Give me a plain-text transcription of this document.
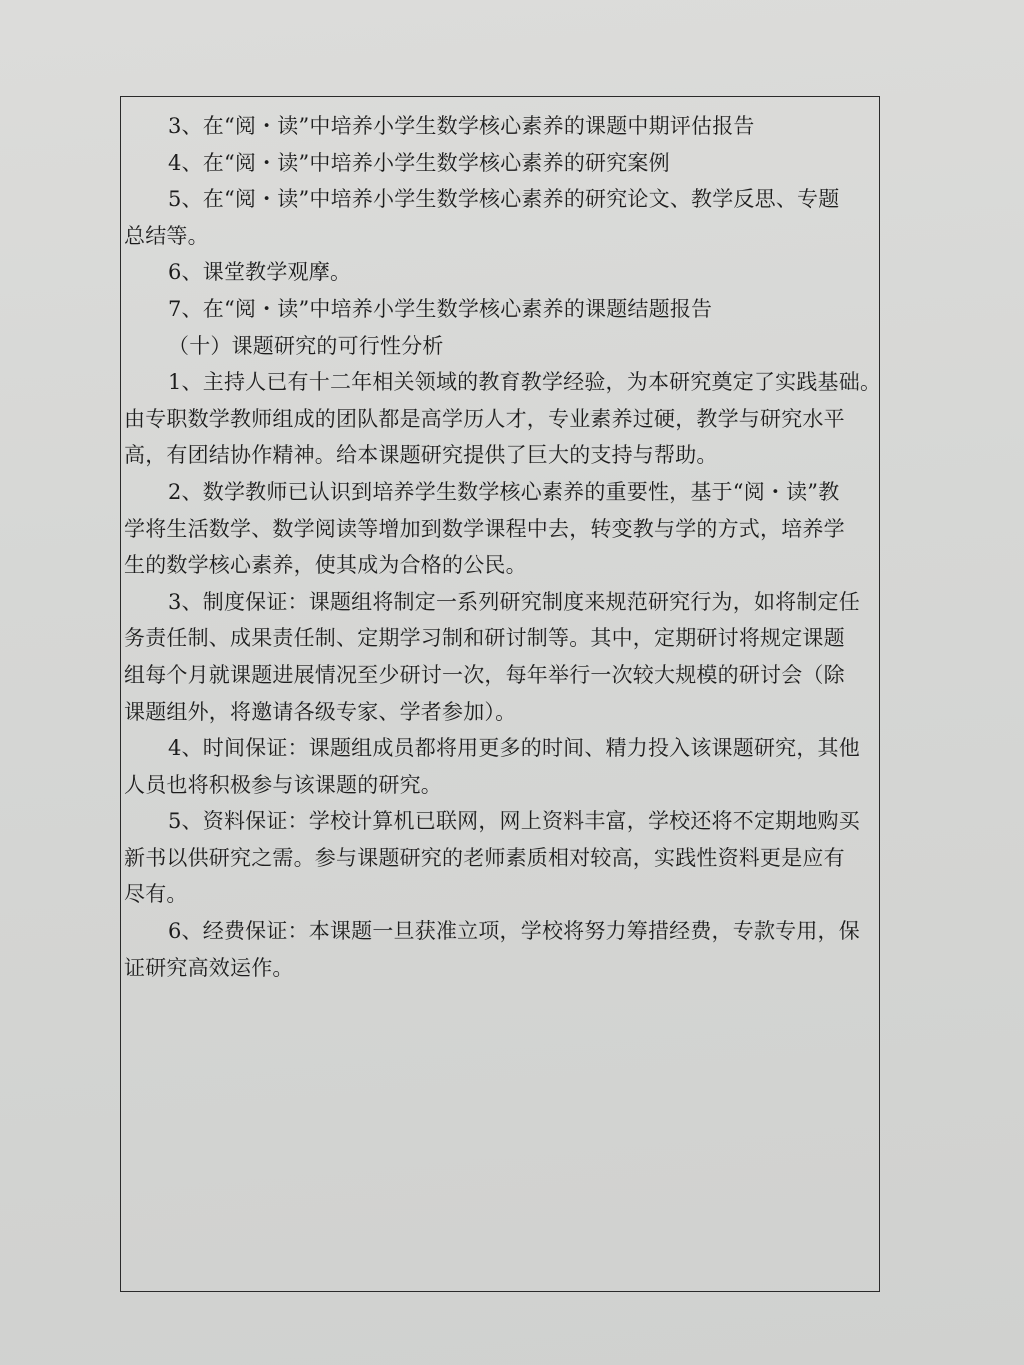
3、在“阅・读”中培养小学生数学核心素养的课题中期评估报告
4、在“阅・读”中培养小学生数学核心素养的研究案例
5、在“阅・读”中培养小学生数学核心素养的研究论文、教学反思、专题
总结等。
6、课堂教学观摩。
7、在“阅・读”中培养小学生数学核心素养的课题结题报告
（十）课题研究的可行性分析
1、主持人已有十二年相关领域的教育教学经验，为本研究奠定了实践基础。
由专职数学教师组成的团队都是高学历人才，专业素养过硬，教学与研究水平
高，有团结协作精神。给本课题研究提供了巨大的支持与帮助。
2、数学教师已认识到培养学生数学核心素养的重要性，基于“阅・读”教
学将生活数学、数学阅读等增加到数学课程中去，转变教与学的方式，培养学
生的数学核心素养，使其成为合格的公民。
3、制度保证：课题组将制定一系列研究制度来规范研究行为，如将制定任
务责任制、成果责任制、定期学习制和研讨制等。其中，定期研讨将规定课题
组每个月就课题进展情况至少研讨一次，每年举行一次较大规模的研讨会（除
课题组外，将邀请各级专家、学者参加）。
4、时间保证：课题组成员都将用更多的时间、精力投入该课题研究，其他
人员也将积极参与该课题的研究。
5、资料保证：学校计算机已联网，网上资料丰富，学校还将不定期地购买
新书以供研究之需。参与课题研究的老师素质相对较高，实践性资料更是应有
尽有。
6、经费保证：本课题一旦获准立项，学校将努力筹措经费，专款专用，保
证研究高效运作。
